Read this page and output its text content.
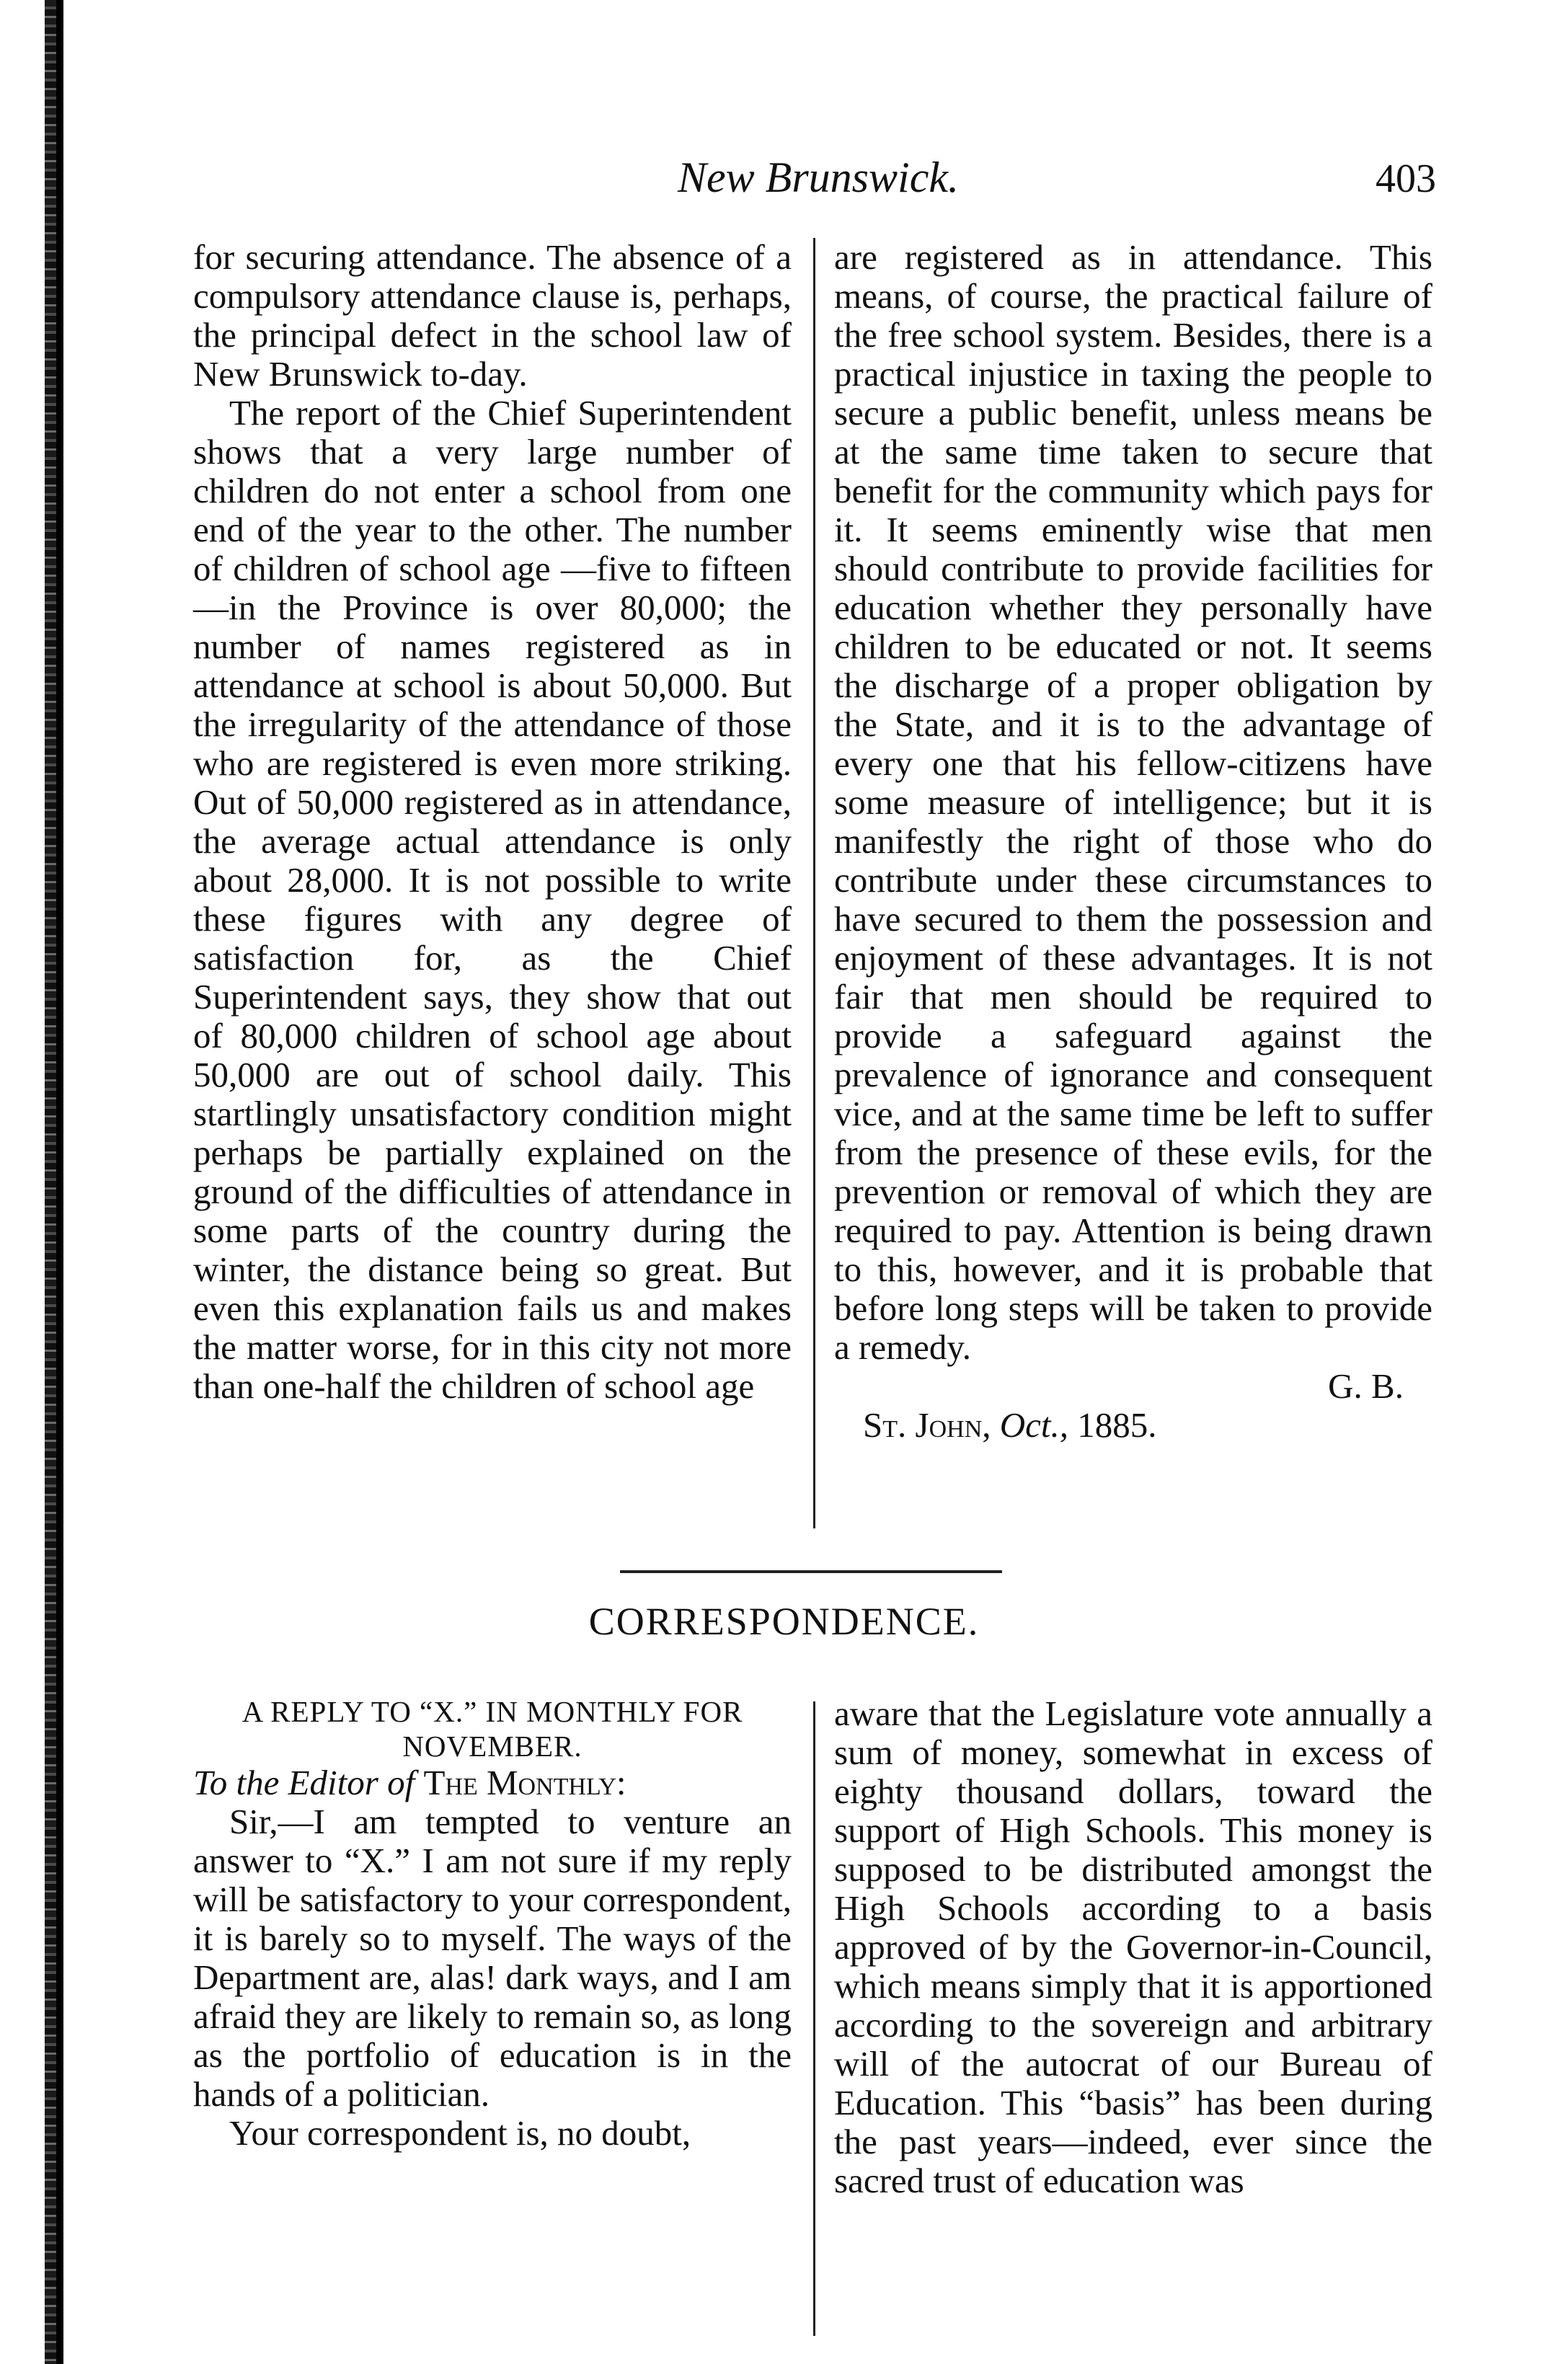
New Brunswick.	403

for securing attendance. The absence of a compulsory attendance clause is, perhaps, the principal defect in the school law of New Brunswick to-day.

The report of the Chief Superintendent shows that a very large number of children do not enter a school from one end of the year to the other. The number of children of school age —five to fifteen—in the Province is over 80,000; the number of names registered as in attendance at school is about 50,000. But the irregularity of the attendance of those who are registered is even more striking. Out of 50,000 registered as in attendance, the average actual attendance is only about 28,000. It is not possible to write these figures with any degree of satisfaction for, as the Chief Superintendent says, they show that out of 80,000 children of school age about 50,000 are out of school daily. This startlingly unsatisfactory condition might perhaps be partially explained on the ground of the difficulties of attendance in some parts of the country during the winter, the distance being so great. But even this explanation fails us and makes the matter worse, for in this city not more than one-half the children of school age

are registered as in attendance. This means, of course, the practical failure of the free school system. Besides, there is a practical injustice in taxing the people to secure a public benefit, unless means be at the same time taken to secure that benefit for the community which pays for it. It seems eminently wise that men should contribute to provide facilities for education whether they personally have children to be educated or not. It seems the discharge of a proper obligation by the State, and it is to the advantage of every one that his fellow-citizens have some measure of intelligence; but it is manifestly the right of those who do contribute under these circumstances to have secured to them the possession and enjoyment of these advantages. It is not fair that men should be required to provide a safeguard against the prevalence of ignorance and consequent vice, and at the same time be left to suffer from the presence of these evils, for the prevention or removal of which they are required to pay. Attention is being drawn to this, however, and it is probable that before long steps will be taken to provide a remedy.

G. B.

St. John, Oct., 1885.

CORRESPONDENCE.

A REPLY TO “X.” IN MONTHLY FOR NOVEMBER.

To the Editor of The Monthly:

Sir,—I am tempted to venture an answer to “X.” I am not sure if my reply will be satisfactory to your correspondent, it is barely so to myself. The ways of the Department are, alas! dark ways, and I am afraid they are likely to remain so, as long as the portfolio of education is in the hands of a politician.

Your correspondent is, no doubt,

aware that the Legislature vote annually a sum of money, somewhat in excess of eighty thousand dollars, toward the support of High Schools. This money is supposed to be distributed amongst the High Schools according to a basis approved of by the Governor-in-Council, which means simply that it is apportioned according to the sovereign and arbitrary will of the autocrat of our Bureau of Education. This “basis” has been during the past years—indeed, ever since the sacred trust of education was
